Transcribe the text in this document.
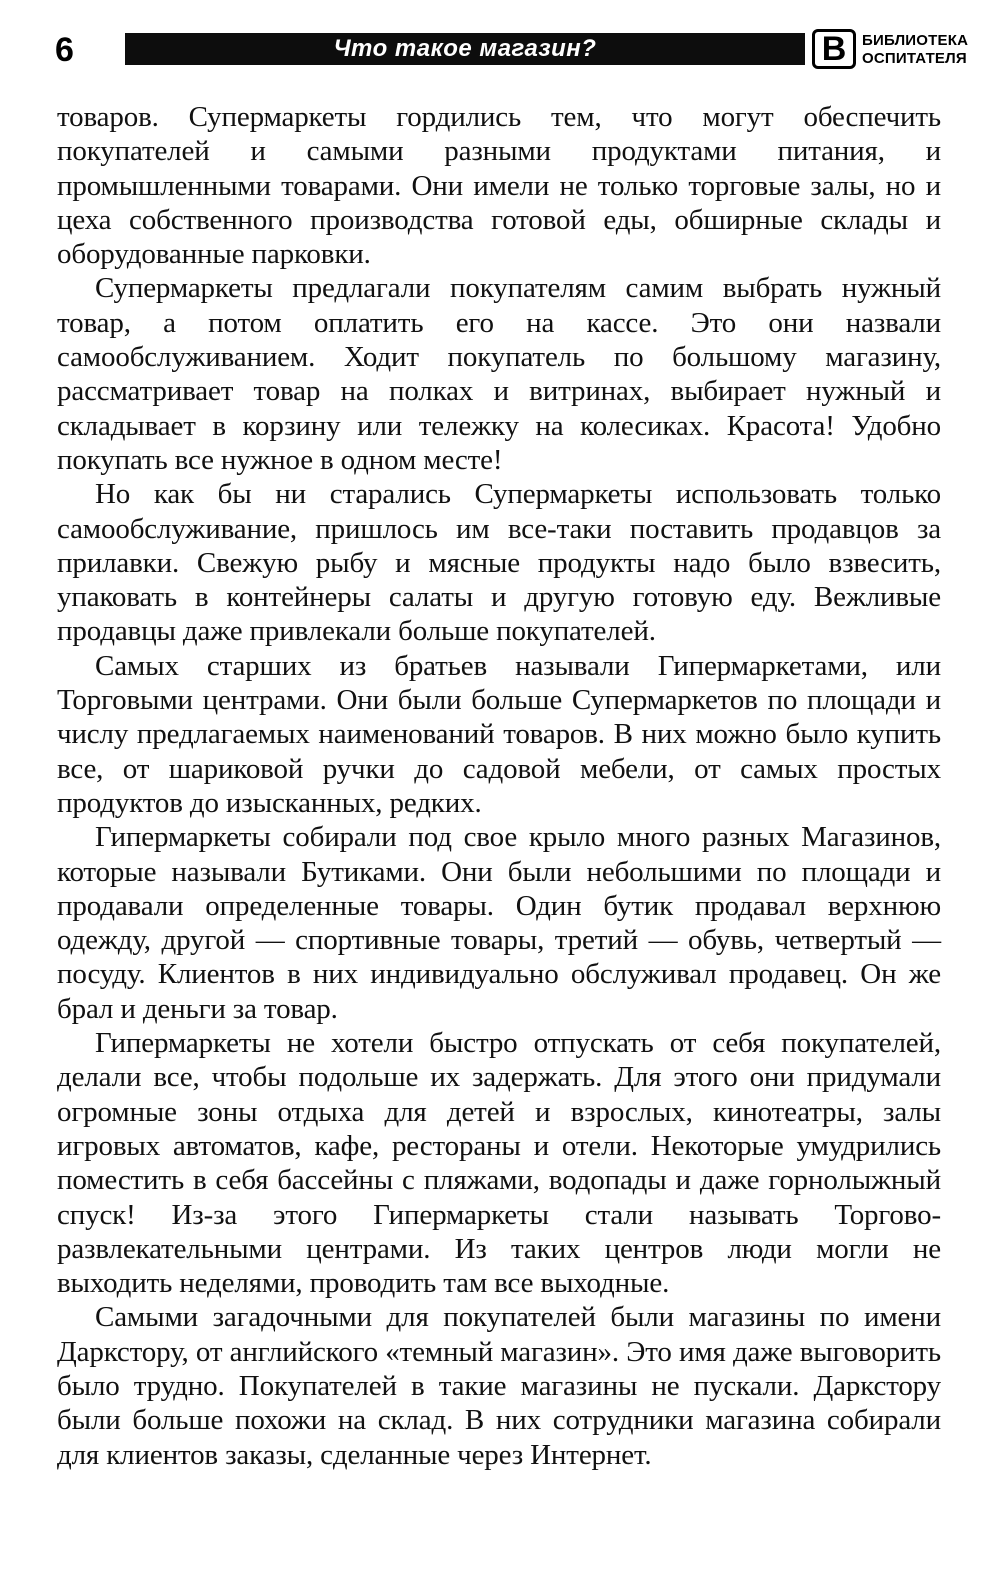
6	Что такое магазин?	В	БИБЛИОТЕКА
ОСПИТАТЕЛЯ

товаров. Супермаркеты гордились тем, что могут обеспечить покупателей и самыми разными продуктами питания, и промышленными товарами. Они имели не только торговые залы, но и цеха собственного производства готовой еды, обширные склады и оборудованные парковки.

Супермаркеты предлагали покупателям самим выбрать нужный товар, а потом оплатить его на кассе. Это они назвали самообслуживанием. Ходит покупатель по большому магазину, рассматривает товар на полках и витринах, выбирает нужный и складывает в корзину или тележку на колесиках. Красота! Удобно покупать все нужное в одном месте!

Но как бы ни старались Супермаркеты использовать только самообслуживание, пришлось им все-таки поставить продавцов за прилавки. Свежую рыбу и мясные продукты надо было взвесить, упаковать в контейнеры салаты и другую готовую еду. Вежливые продавцы даже привлекали больше покупателей.

Самых старших из братьев называли Гипермаркетами, или Торговыми центрами. Они были больше Супермаркетов по площади и числу предлагаемых наименований товаров. В них можно было купить все, от шариковой ручки до садовой мебели, от самых простых продуктов до изысканных, редких.

Гипермаркеты собирали под свое крыло много разных Магазинов, которые называли Бутиками. Они были небольшими по площади и продавали определенные товары. Один бутик продавал верхнюю одежду, другой — спортивные товары, третий — обувь, четвертый — посуду. Клиентов в них индивидуально обслуживал продавец. Он же брал и деньги за товар.

Гипермаркеты не хотели быстро отпускать от себя покупателей, делали все, чтобы подольше их задержать. Для этого они придумали огромные зоны отдыха для детей и взрослых, кинотеатры, залы игровых автоматов, кафе, рестораны и отели. Некоторые умудрились поместить в себя бассейны с пляжами, водопады и даже горнолыжный спуск! Из-за этого Гипермаркеты стали называть Торгово-развлекательными центрами. Из таких центров люди могли не выходить неделями, проводить там все выходные.

Самыми загадочными для покупателей были магазины по имени Даркстору, от английского «темный магазин». Это имя даже выговорить было трудно. Покупателей в такие магазины не пускали. Даркстору были больше похожи на склад. В них сотрудники магазина собирали для клиентов заказы, сделанные через Интернет.
